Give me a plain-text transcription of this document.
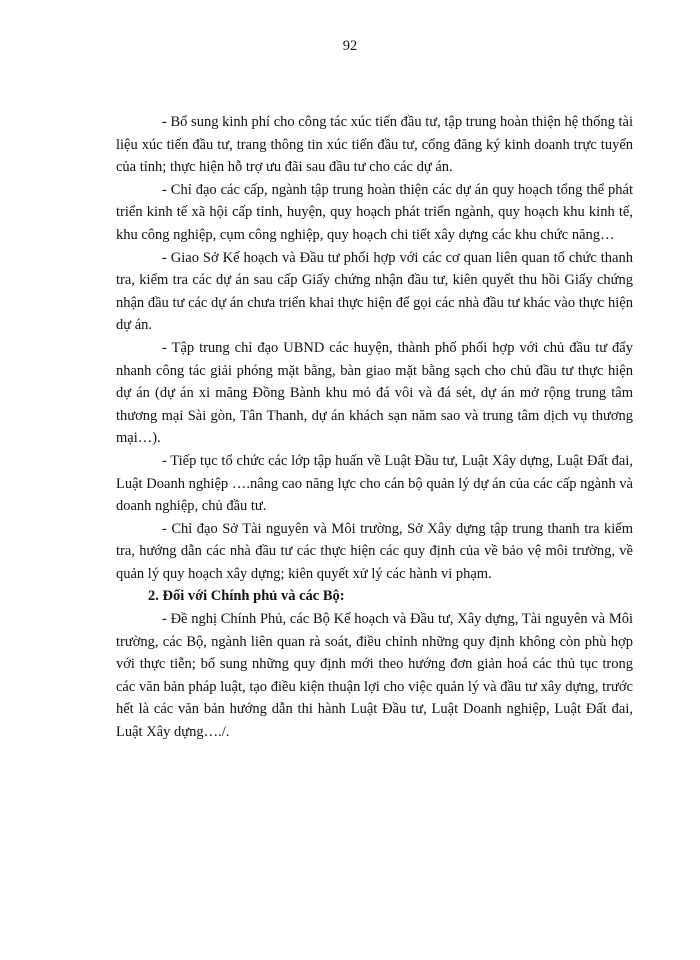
92

- Bổ sung kinh phí cho công tác xúc tiến đầu tư, tập trung hoàn thiện hệ thống tài liệu xúc tiến đầu tư, trang thông tin xúc tiến đầu tư, cổng đăng ký kinh doanh trực tuyến của tỉnh; thực hiện hỗ trợ ưu đãi sau đầu tư cho các dự án.

- Chỉ đạo các cấp, ngành tập trung hoàn thiện các dự án quy hoạch tổng thể phát triển kinh tế xã hội cấp tỉnh, huyện, quy hoạch phát triển ngành, quy hoạch khu kinh tế, khu công nghiệp, cụm công nghiệp, quy hoạch chi tiết xây dựng các khu chức năng…

- Giao Sở Kế hoạch và Đầu tư phối hợp với các cơ quan liên quan tổ chức thanh tra, kiểm tra các dự án sau cấp Giấy chứng nhận đầu tư, kiên quyết thu hồi Giấy chứng nhận đầu tư các dự án chưa triển khai thực hiện để gọi các nhà đầu tư khác vào thực hiện dự án.

- Tập trung chỉ đạo UBND các huyện, thành phố phối hợp với chủ đầu tư đẩy nhanh công tác giải phóng mặt bằng, bàn giao mặt bằng sạch cho chủ đầu tư thực hiện dự án (dự án xi măng Đồng Bành khu mỏ đá vôi và đá sét, dự án mở rộng trung tâm thương mại Sài gòn, Tân Thanh, dự án khách sạn năm sao và trung tâm dịch vụ thương mại…).

- Tiếp tục tổ chức các lớp tập huấn về Luật Đầu tư, Luật Xây dựng, Luật Đất đai, Luật Doanh nghiệp ….nâng cao năng lực cho cán bộ quản lý dự án của các cấp ngành và doanh nghiệp, chủ đầu tư.

- Chỉ đạo Sở Tài nguyên và Môi trường, Sở Xây dựng tập trung thanh tra kiểm tra, hướng dẫn các nhà đầu tư các thực hiện các quy định của về bảo vệ môi trường, về quản lý quy hoạch xây dựng; kiên quyết xử lý các hành vi phạm.

2. Đối với Chính phủ và các Bộ:

- Đề nghị Chính Phủ, các Bộ Kế hoạch và Đầu tư, Xây dựng, Tài nguyên và Môi trường, các Bộ, ngành liên quan rà soát, điều chỉnh những quy định không còn phù hợp với thực tiễn; bổ sung những quy định mới theo hướng đơn giản hoá các thủ tục trong các văn bản pháp luật, tạo điều kiện thuận lợi cho việc quản lý và đầu tư xây dựng, trước hết là các văn bản hướng dẫn thi hành Luật Đầu tư, Luật Doanh nghiệp, Luật Đất đai, Luật Xây dựng…./.
